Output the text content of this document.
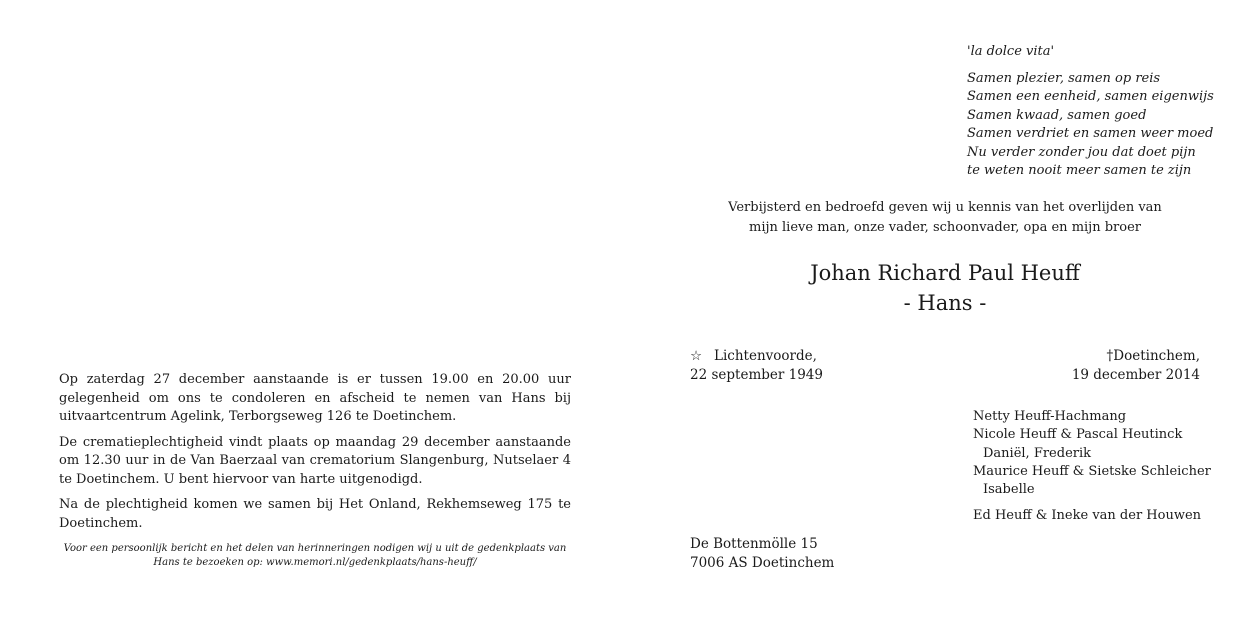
Op zaterdag 27 december aanstaande is er tussen 19.00 en 20.00 uur gelegenheid om ons te condoleren en afscheid te nemen van Hans bij uitvaartcentrum Agelink, Terborgseweg 126 te Doetinchem.

De crematieplechtigheid vindt plaats op maandag 29 december aanstaande om 12.30 uur in de Van Baerzaal van crematorium Slangenburg, Nutselaer 4 te Doetinchem. U bent hiervoor van harte uitgenodigd.

Na de plechtigheid komen we samen bij Het Onland, Rekhemseweg 175 te Doetinchem.

Voor een persoonlijk bericht en het delen van herinneringen nodigen wij u uit de gedenkplaats van
Hans te bezoeken op: www.memori.nl/gedenkplaats/hans-heuff/
'la dolce vita'
Samen plezier, samen op reis
Samen een eenheid, samen eigenwijs
Samen kwaad, samen goed
Samen verdriet en samen weer moed
Nu verder zonder jou dat doet pijn
te weten nooit meer samen te zijn
Verbijsterd en bedroefd geven wij u kennis van het overlijden van
mijn lieve man, onze vader, schoonvader, opa en mijn broer
Johan Richard Paul Heuff
- Hans -
☆ Lichtenvoorde,
22 september 1949
†Doetinchem,
19 december 2014
Netty Heuff-Hachmang
Nicole Heuff & Pascal Heutinck
Daniël, Frederik
Maurice Heuff & Sietske Schleicher
Isabelle
Ed Heuff & Ineke van der Houwen
De Bottenmölle 15
7006 AS Doetinchem
